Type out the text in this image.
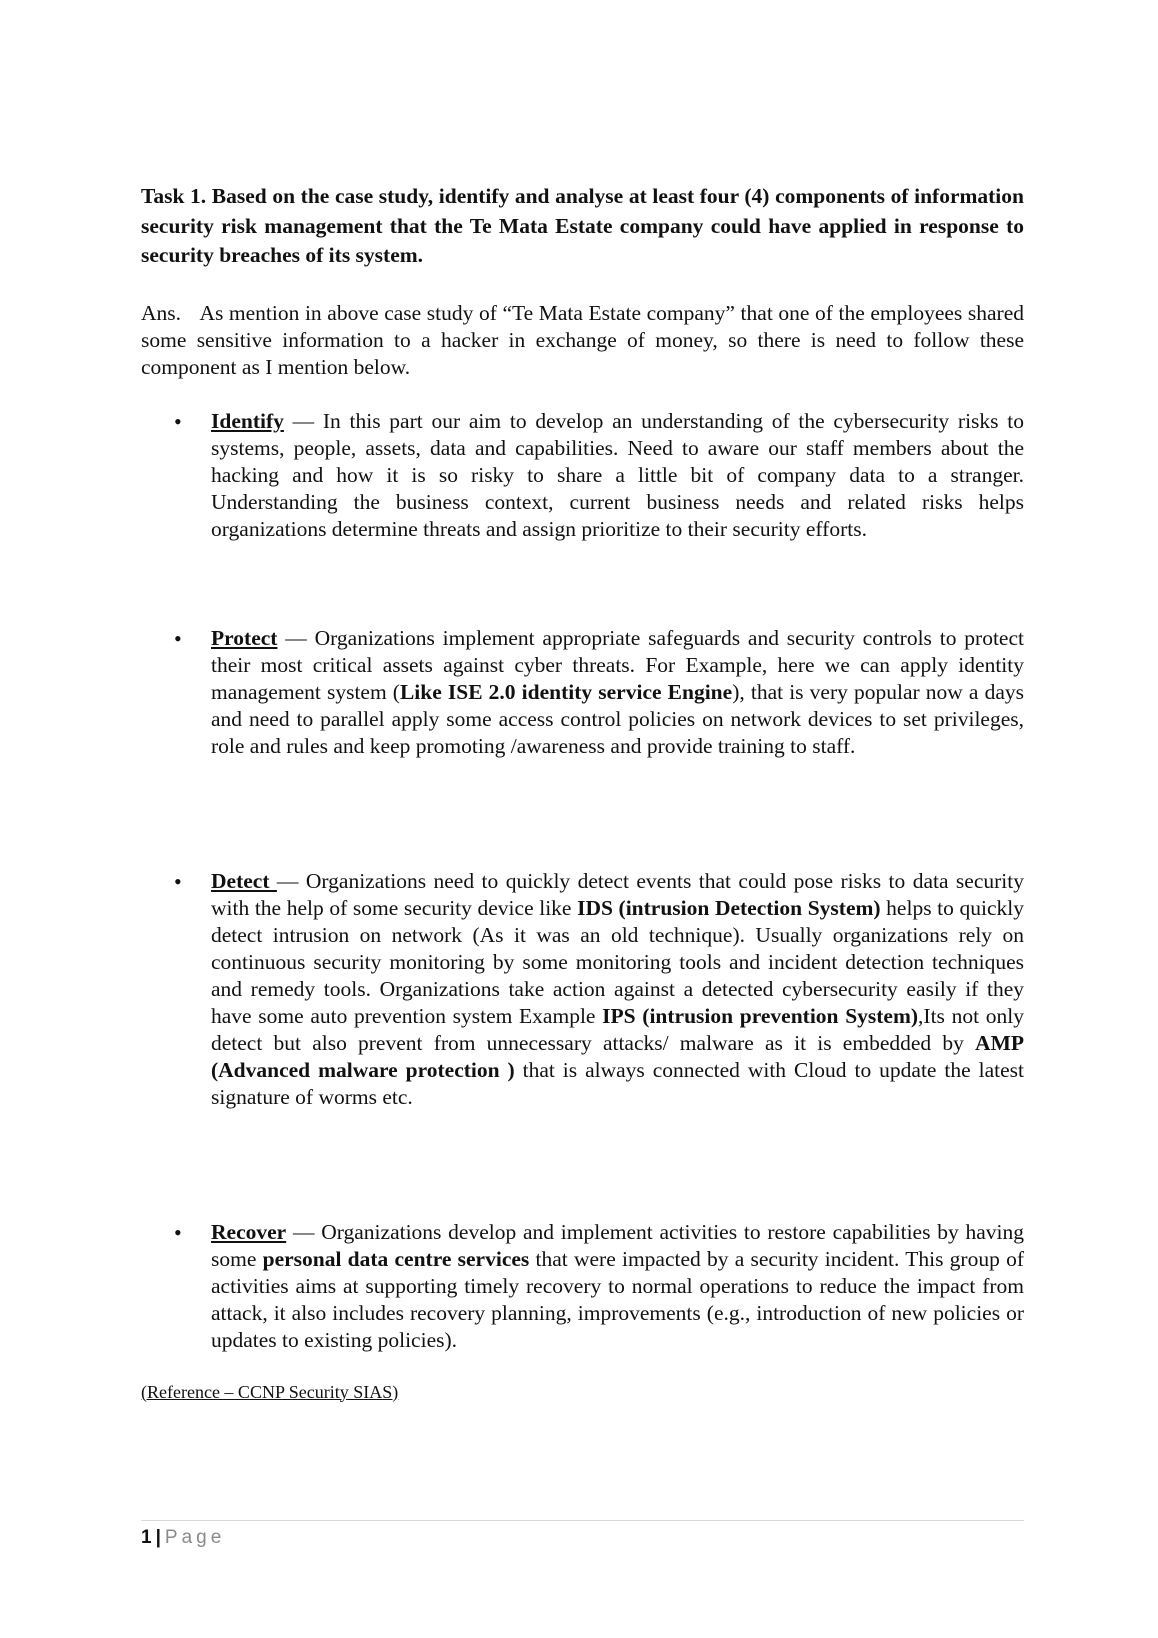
Task 1. Based on the case study, identify and analyse at least four (4) components of information security risk management that the Te Mata Estate company could have applied in response to security breaches of its system.

Ans. As mention in above case study of “Te Mata Estate company” that one of the employees shared some sensitive information to a hacker in exchange of money, so there is need to follow these component as I mention below.

• Identify — In this part our aim to develop an understanding of the cybersecurity risks to systems, people, assets, data and capabilities. Need to aware our staff members about the hacking and how it is so risky to share a little bit of company data to a stranger. Understanding the business context, current business needs and related risks helps organizations determine threats and assign prioritize to their security efforts.
• Protect — Organizations implement appropriate safeguards and security controls to protect their most critical assets against cyber threats. For Example, here we can apply identity management system (Like ISE 2.0 identity service Engine), that is very popular now a days and need to parallel apply some access control policies on network devices to set privileges, role and rules and keep promoting /awareness and provide training to staff.
• Detect — Organizations need to quickly detect events that could pose risks to data security with the help of some security device like IDS (intrusion Detection System) helps to quickly detect intrusion on network (As it was an old technique). Usually organizations rely on continuous security monitoring by some monitoring tools and incident detection techniques and remedy tools. Organizations take action against a detected cybersecurity easily if they have some auto prevention system Example IPS (intrusion prevention System),Its not only detect but also prevent from unnecessary attacks/ malware as it is embedded by AMP (Advanced malware protection ) that is always connected with Cloud to update the latest signature of worms etc.
• Recover — Organizations develop and implement activities to restore capabilities by having some personal data centre services that were impacted by a security incident. This group of activities aims at supporting timely recovery to normal operations to reduce the impact from attack, it also includes recovery planning, improvements (e.g., introduction of new policies or updates to existing policies).
(Reference – CCNP Security SIAS)
1 | Page
